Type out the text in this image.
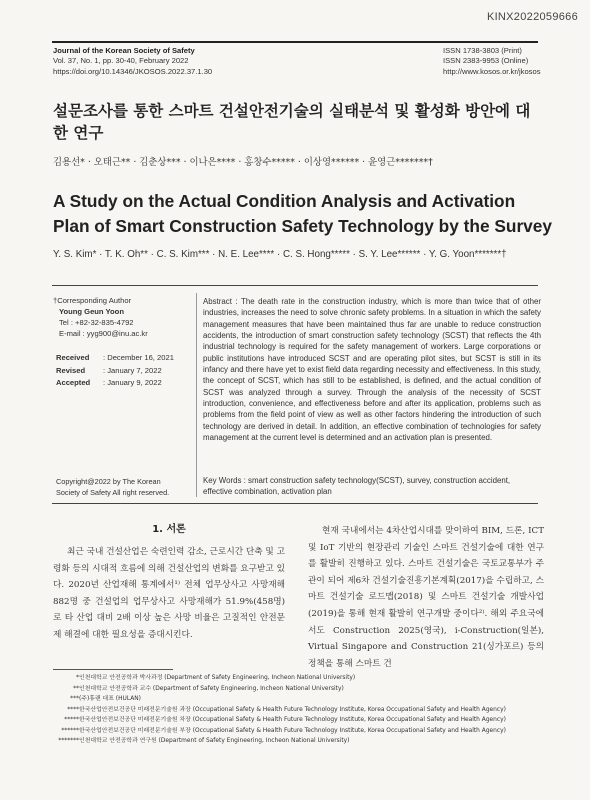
KINX2022059666
Journal of the Korean Society of Safety
Vol. 37, No. 1, pp. 30-40, February 2022
https://doi.org/10.14346/JKOSOS.2022.37.1.30
ISSN 1738-3803 (Print)
ISSN 2383-9953 (Online)
http://www.kosos.or.kr/jkosos
설문조사를 통한 스마트 건설안전기술의 실태분석 및 활성화 방안에 대한 연구
김용선* · 오태근** · 김춘상*** · 이나은**** · 홍창수***** · 이상영****** · 윤영근*******†
A Study on the Actual Condition Analysis and Activation Plan of Smart Construction Safety Technology by the Survey
Y. S. Kim* · T. K. Oh** · C. S. Kim*** · N. E. Lee**** · C. S. Hong***** · S. Y. Lee****** · Y. G. Yoon*******†
†Corresponding Author
Young Geun Yoon
Tel : +82-32-835-4792
E-mail : yyg900@inu.ac.kr
Received : December 16, 2021
Revised : January 7, 2022
Accepted : January 9, 2022
Copyright@2022 by The Korean Society of Safety All right reserved.
Abstract : The death rate in the construction industry, which is more than twice that of other industries, increases the need to solve chronic safety problems. In a situation in which the safety management measures that have been maintained thus far are unable to reduce construction accidents, the introduction of smart construction safety technology (SCST) that reflects the 4th industrial technology is required for the safety management of workers. Large corporations or public institutions have introduced SCST and are operating pilot sites, but SCST is still in its infancy and there have yet to exist field data regarding necessity and effectiveness. In this study, the concept of SCST, which has still to be established, is defined, and the actual condition of SCST was analyzed through a survey. Through the analysis of the necessity of SCST introduction, convenience, and effectiveness before and after its application, problems such as problems from the field point of view as well as other factors hindering the introduction of such technology are derived in detail. In addition, an effective combination of technologies for safety management at the current level is determined and an activation plan is presented.
Key Words : smart construction safety technology(SCST), survey, construction accident, effective combination, activation plan
1. 서론

최근 국내 건설산업은 숙련인력 감소, 근로시간 단축 및 고령화 등의 시대적 흐름에 의해 건설산업의 변화를 요구받고 있다. 2020년 산업재해 통계에서¹⁾ 전체 업무상사고 사망재해 882명 중 건설업의 업무상사고 사망재해가 51.9%(458명)로 타 산업 대비 2배 이상 높은 사망 비율은 고질적인 안전문제 해결에 대한 필요성을 증대시킨다.

현재 국내에서는 4차산업시대를 맞이하여 BIM, 드론, ICT 및 IoT 기반의 현장관리 기술인 스마트 건설기술에 대한 연구를 활발히 진행하고 있다. 스마트 건설기술은 국토교통부가 주관이 되어 제6차 건설기술진흥기본계획(2017)을 수립하고, 스마트 건설기술 로드맵(2018) 및 스마트 건설기술 개발사업(2019)을 통해 현재 활발히 연구개발 중이다²⁾. 해외 주요국에서도 Construction 2025(영국), i-Construction(일본), Virtual Singapore and Construction 21(싱가포르) 등의 정책을 통해 스마트 건

*인천대학교 안전공학과 박사과정 (Department of Safety Engineering, Incheon National University)
**인천대학교 안전공학과 교수 (Department of Safety Engineering, Incheon National University)
***(주)휴랜 대표 (HULAN)
****한국산업안전보건공단 미래전문기술원 과장 (Occupational Safety & Health Future Technology Institute, Korea Occupational Safety and Health Agency)
*****한국산업안전보건공단 미래전문기술원 차장 (Occupational Safety & Health Future Technology Institute, Korea Occupational Safety and Health Agency)
******한국산업안전보건공단 미래전문기술원 부장 (Occupational Safety & Health Future Technology Institute, Korea Occupational Safety and Health Agency)
*******인천대학교 안전공학과 연구원 (Department of Safety Engineering, Incheon National University)
